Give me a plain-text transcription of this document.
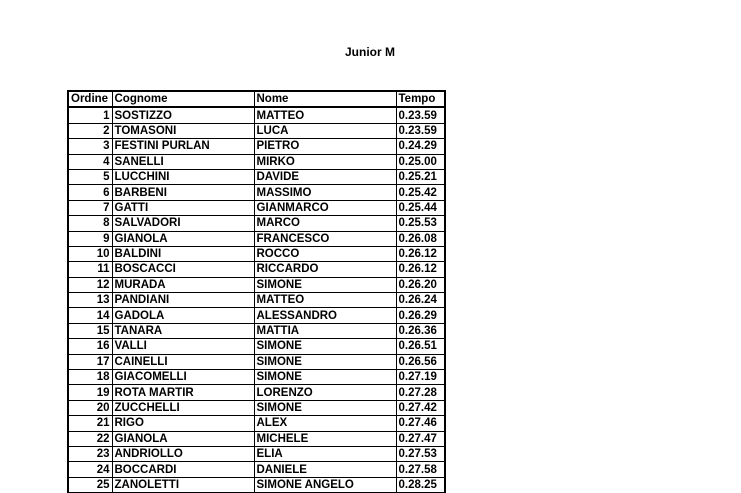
Junior M
Ordine	Cognome	Nome	Tempo
1	SOSTIZZO	MATTEO	0.23.59
2	TOMASONI	LUCA	0.23.59
3	FESTINI PURLAN	PIETRO	0.24.29
4	SANELLI	MIRKO	0.25.00
5	LUCCHINI	DAVIDE	0.25.21
6	BARBENI	MASSIMO	0.25.42
7	GATTI	GIANMARCO	0.25.44
8	SALVADORI	MARCO	0.25.53
9	GIANOLA	FRANCESCO	0.26.08
10	BALDINI	ROCCO	0.26.12
11	BOSCACCI	RICCARDO	0.26.12
12	MURADA	SIMONE	0.26.20
13	PANDIANI	MATTEO	0.26.24
14	GADOLA	ALESSANDRO	0.26.29
15	TANARA	MATTIA	0.26.36
16	VALLI	SIMONE	0.26.51
17	CAINELLI	SIMONE	0.26.56
18	GIACOMELLI	SIMONE	0.27.19
19	ROTA MARTIR	LORENZO	0.27.28
20	ZUCCHELLI	SIMONE	0.27.42
21	RIGO	ALEX	0.27.46
22	GIANOLA	MICHELE	0.27.47
23	ANDRIOLLO	ELIA	0.27.53
24	BOCCARDI	DANIELE	0.27.58
25	ZANOLETTI	SIMONE ANGELO	0.28.25
